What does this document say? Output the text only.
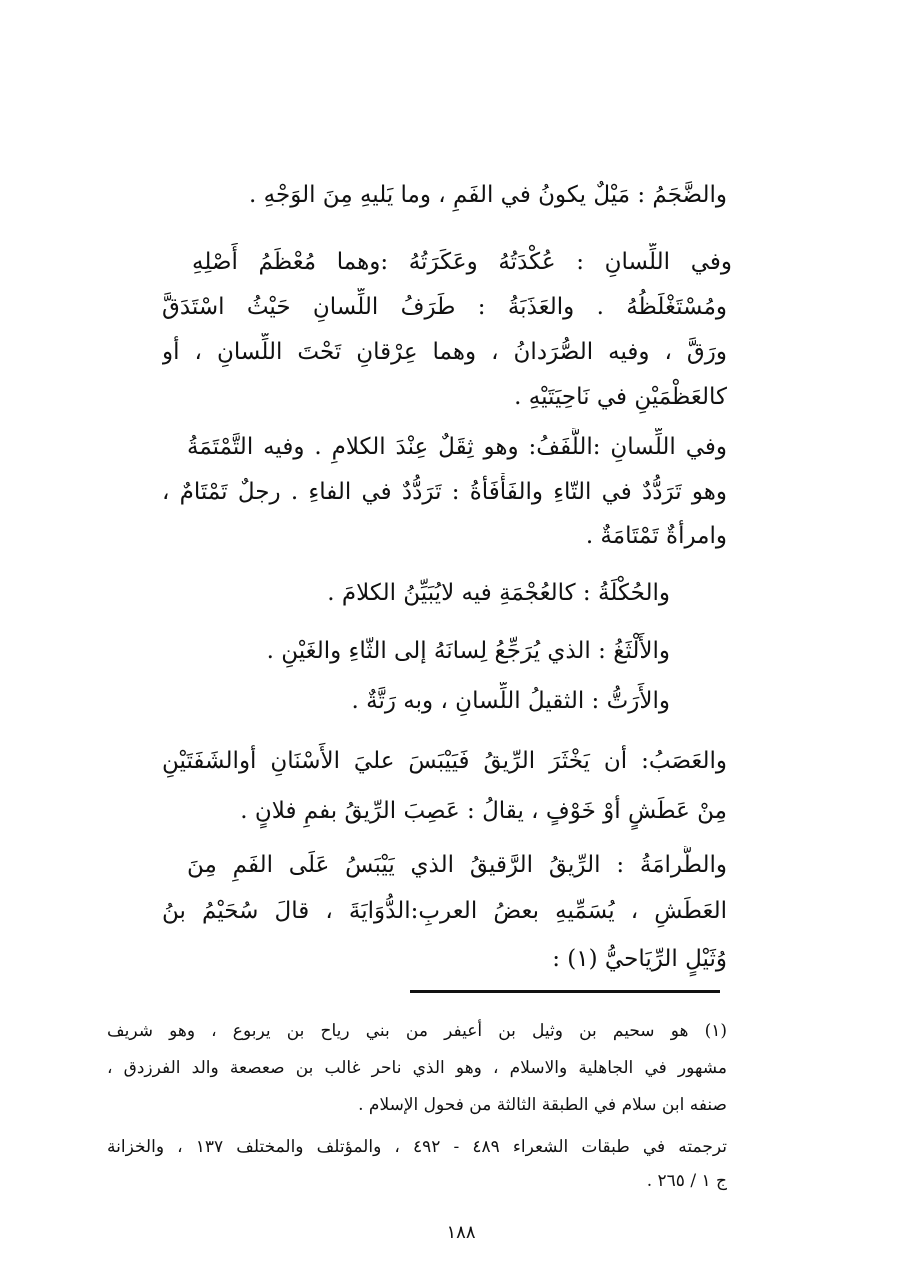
والضَّجَمُ : مَيْلٌ يكونُ في الفَمِ ، وما يَليهِ مِنَ الوَجْهِ .
وفي اللِّسانِ : عُكْدَتُهُ وعَكَرَتُهُ :وهما مُعْظَمُ أَصْلِهِ
ومُسْتَغْلَظُهُ . والعَذَبَةُ : طَرَفُ اللِّسانِ حَيْثُ اسْتَدَقَّ
ورَقَّ ، وفيه الصُّرَدانُ ، وهما عِرْقانِ تَحْتَ اللِّسانِ ، أو
كالعَظْمَيْنِ في نَاحِيَتَيْهِ .
وفي اللِّسانِ :اللَّفَفُ: وهو ثِقَلٌ عِنْدَ الكلامِ . وفيه التَّمْتَمَةُ
وهو تَرَدُّدٌ في التّاءِ والفَأْفَأةُ : تَرَدُّدٌ في الفاءِ . رجلٌ تَمْتَامٌ ،
وامرأةٌ تَمْتَامَةٌ .
والحُكْلَةُ : كالعُجْمَةِ فيه لايُبَيِّنُ الكلامَ .
والأَلْثَغُ : الذي يُرَجِّعُ لِسانَهُ إلى الثّاءِ والغَيْنِ .
والأَرَتُّ : الثقيلُ اللِّسانِ ، وبه رَتَّةٌ .
والعَصَبُ: أن يَخْثَرَ الرِّيقُ فَيَيْبَسَ عليَ الأَسْنَانِ أوالشَفَتَيْنِ
مِنْ عَطَشٍ أوْ خَوْفٍ ، يقالُ : عَصِبَ الرِّيقُ بفمِ فلانٍ .
والطُّرامَةُ : الرِّيقُ الرَّقيقُ الذي يَيْبَسُ عَلَى الفَمِ مِنَ
العَطَشِ ، يُسَمِّيهِ بعضُ العربِ:الدُّوَايَةَ ، قالَ سُحَيْمُ بنُ
وُثَيْلٍ الرِّيَاحيُّ (١) :
(١) هو سحيم بن وثيل بن أعيفر من بني رياح بن يربوع ، وهو شريف
مشهور في الجاهلية والاسلام ، وهو الذي ناحر غالب بن صعصعة والد الفرزدق ،
صنفه ابن سلام في الطبقة الثالثة من فحول الإسلام .
ترجمته في طبقات الشعراء ٤٨٩ - ٤٩٢ ، والمؤتلف والمختلف ١٣٧ ، والخزانة
ج ١ / ٢٦٥ .
١٨٨
